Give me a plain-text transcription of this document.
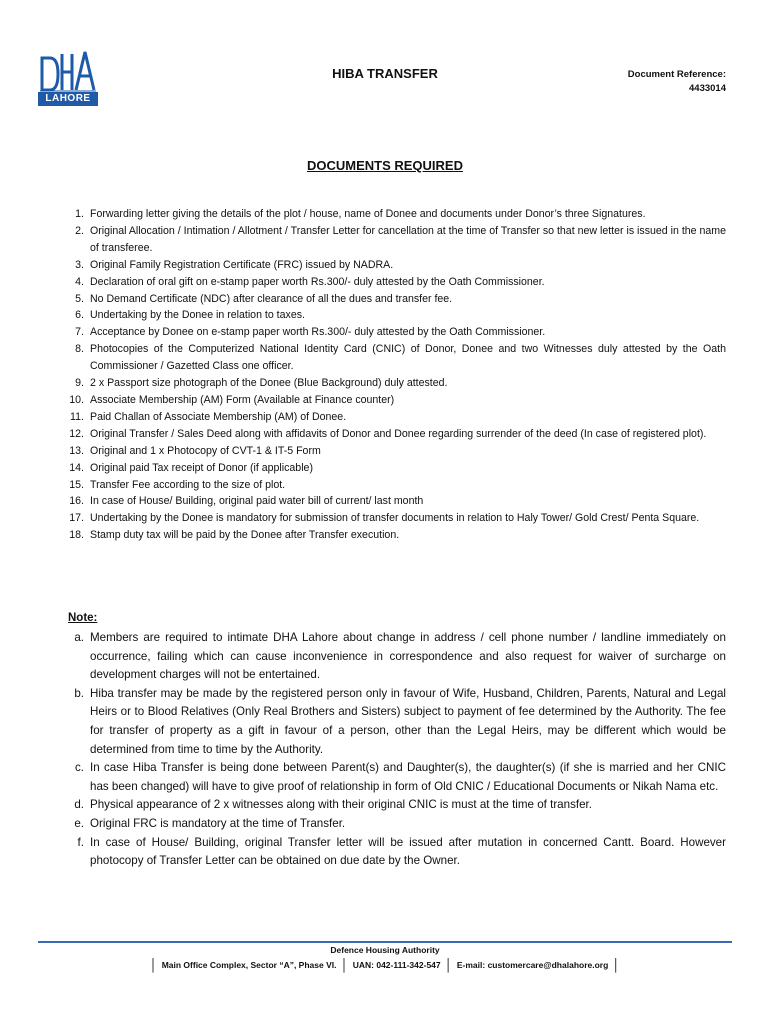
LAHORE
HIBA TRANSFER	Document Reference:
4433014
DOCUMENTS REQUIRED
1. Forwarding letter giving the details of the plot / house, name of Donee and documents under Donor’s three Signatures.
2. Original Allocation / Intimation / Allotment / Transfer Letter for cancellation at the time of Transfer so that new letter is issued in the name of transferee.
3. Original Family Registration Certificate (FRC) issued by NADRA.
4. Declaration of oral gift on e-stamp paper worth Rs.300/- duly attested by the Oath Commissioner.
5. No Demand Certificate (NDC) after clearance of all the dues and transfer fee.
6. Undertaking by the Donee in relation to taxes.
7. Acceptance by Donee on e-stamp paper worth Rs.300/- duly attested by the Oath Commissioner.
8. Photocopies of the Computerized National Identity Card (CNIC) of Donor, Donee and two Witnesses duly attested by the Oath Commissioner / Gazetted Class one officer.
9. 2 x Passport size photograph of the Donee (Blue Background) duly attested.
10. Associate Membership (AM) Form (Available at Finance counter)
11. Paid Challan of Associate Membership (AM) of Donee.
12. Original Transfer / Sales Deed along with affidavits of Donor and Donee regarding surrender of the deed (In case of registered plot).
13. Original and 1 x Photocopy of CVT-1 & IT-5 Form
14. Original paid Tax receipt of Donor (if applicable)
15. Transfer Fee according to the size of plot.
16. In case of House/ Building, original paid water bill of current/ last month
17. Undertaking by the Donee is mandatory for submission of transfer documents in relation to Haly Tower/ Gold Crest/ Penta Square.
18. Stamp duty tax will be paid by the Donee after Transfer execution.
Note:
a. Members are required to intimate DHA Lahore about change in address / cell phone number / landline immediately on occurrence, failing which can cause inconvenience in correspondence and also request for waiver of surcharge on development charges will not be entertained.
b. Hiba transfer may be made by the registered person only in favour of Wife, Husband, Children, Parents, Natural and Legal Heirs or to Blood Relatives (Only Real Brothers and Sisters) subject to payment of fee determined by the Authority. The fee for transfer of property as a gift in favour of a person, other than the Legal Heirs, may be different which would be determined from time to time by the Authority.
c. In case Hiba Transfer is being done between Parent(s) and Daughter(s), the daughter(s) (if she is married and her CNIC has been changed) will have to give proof of relationship in form of Old CNIC / Educational Documents or Nikah Nama etc.
d. Physical appearance of 2 x witnesses along with their original CNIC is must at the time of transfer.
e. Original FRC is mandatory at the time of Transfer.
f. In case of House/ Building, original Transfer letter will be issued after mutation in concerned Cantt. Board. However photocopy of Transfer Letter can be obtained on due date by the Owner.
Defence Housing Authority
│ Main Office Complex, Sector “A”, Phase VI. │ UAN: 042-111-342-547 │ E-mail: customercare@dhalahore.org │
